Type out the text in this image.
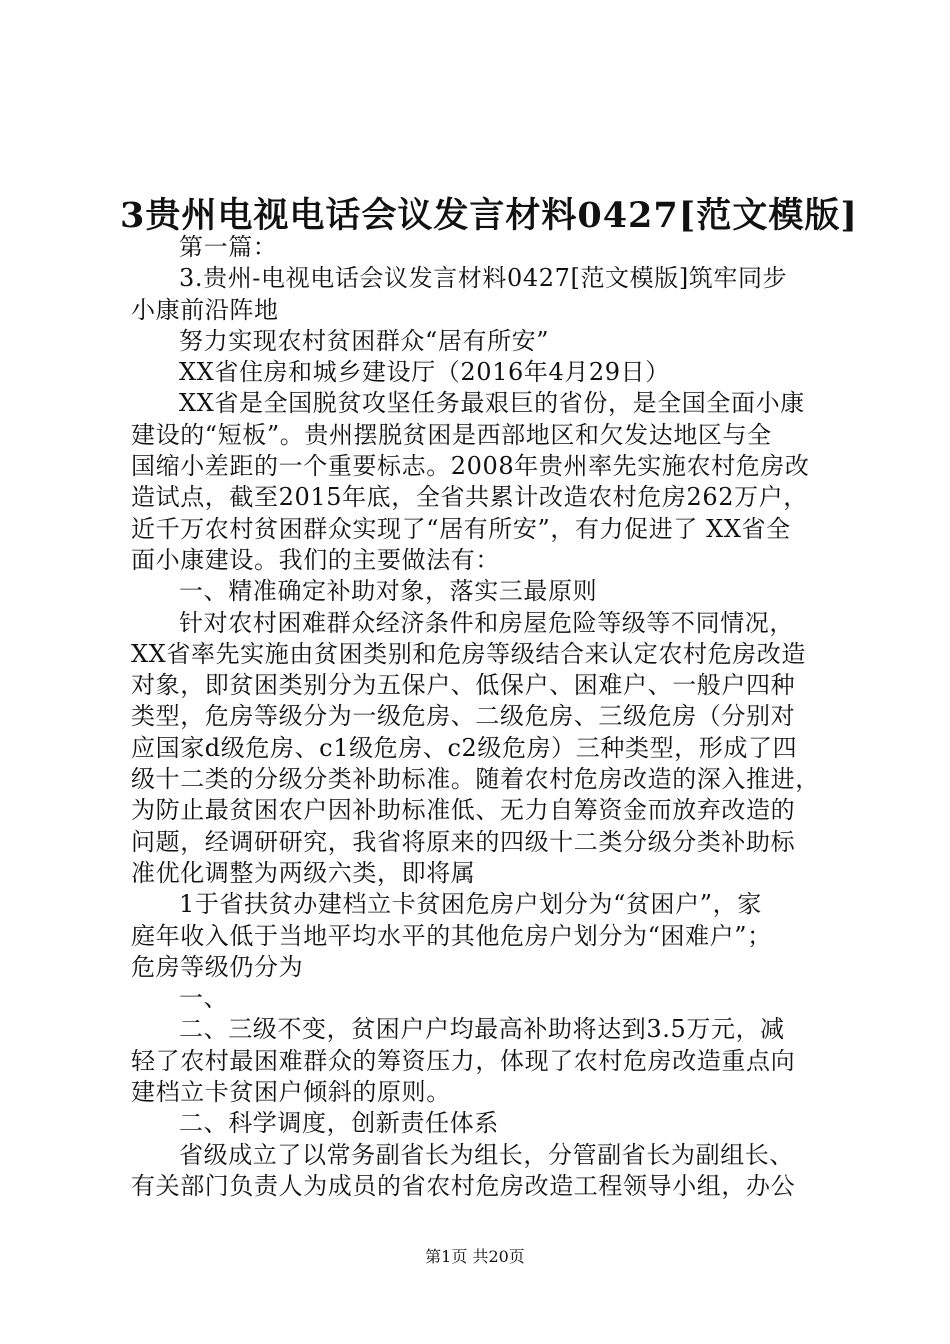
3贵州电视电话会议发言材料0427[范文模版]
第一篇：
3.贵州-电视电话会议发言材料0427[范文模版]筑牢同步
小康前沿阵地
努力实现农村贫困群众“居有所安”
XX省住房和城乡建设厅（2016年4月29日）
XX省是全国脱贫攻坚任务最艰巨的省份，是全国全面小康
建设的“短板”。贵州摆脱贫困是西部地区和欠发达地区与全
国缩小差距的一个重要标志。2008年贵州率先实施农村危房改
造试点，截至2015年底，全省共累计改造农村危房262万户，
近千万农村贫困群众实现了“居有所安”，有力促进了 XX省全
面小康建设。我们的主要做法有：
一、精准确定补助对象，落实三最原则
针对农村困难群众经济条件和房屋危险等级等不同情况，
XX省率先实施由贫困类别和危房等级结合来认定农村危房改造
对象，即贫困类别分为五保户、低保户、困难户、一般户四种
类型，危房等级分为一级危房、二级危房、三级危房（分别对
应国家d级危房、c1级危房、c2级危房）三种类型，形成了四
级十二类的分级分类补助标准。随着农村危房改造的深入推进，
为防止最贫困农户因补助标准低、无力自筹资金而放弃改造的
问题，经调研研究，我省将原来的四级十二类分级分类补助标
准优化调整为两级六类，即将属
1于省扶贫办建档立卡贫困危房户划分为“贫困户”，家
庭年收入低于当地平均水平的其他危房户划分为“困难户”；
危房等级仍分为
一、
二、三级不变，贫困户户均最高补助将达到3.5万元，减
轻了农村最困难群众的筹资压力，体现了农村危房改造重点向
建档立卡贫困户倾斜的原则。
二、科学调度，创新责任体系
省级成立了以常务副省长为组长，分管副省长为副组长、
有关部门负责人为成员的省农村危房改造工程领导小组，办公
第1页 共20页
